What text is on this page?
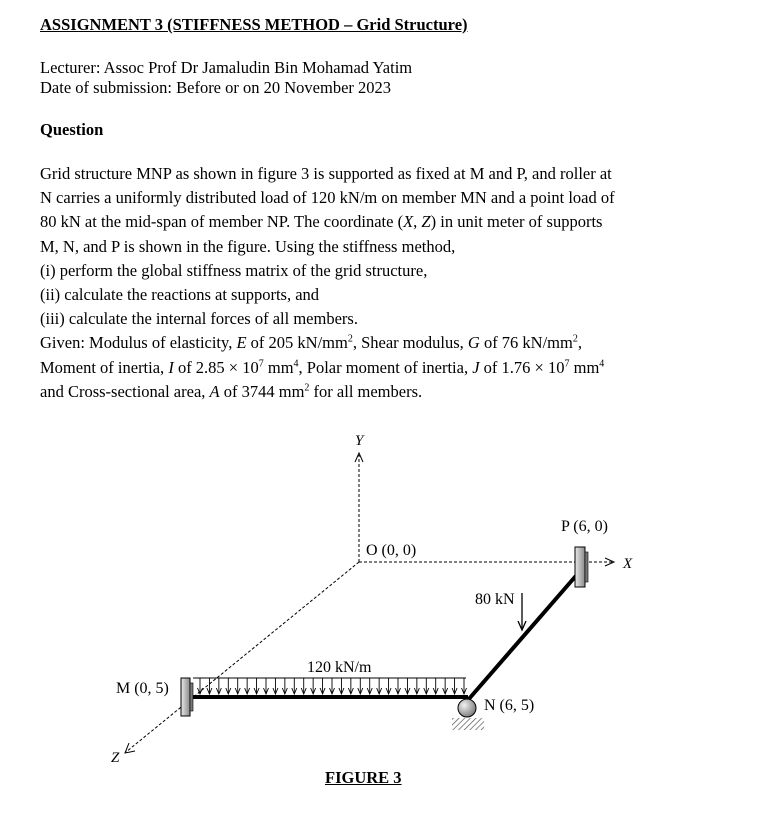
ASSIGNMENT 3 (STIFFNESS METHOD – Grid Structure)
Lecturer: Assoc Prof Dr Jamaludin Bin Mohamad Yatim
Date of submission: Before or on 20 November 2023
Question
Grid structure MNP as shown in figure 3 is supported as fixed at M and P, and roller at
N carries a uniformly distributed load of 120 kN/m on member MN and a point load of
80 kN at the mid-span of member NP. The coordinate (X, Z) in unit meter of supports
M, N, and P is shown in the figure. Using the stiffness method,
(i) perform the global stiffness matrix of the grid structure,
(ii) calculate the reactions at supports, and
(iii) calculate the internal forces of all members.
Given: Modulus of elasticity, E of 205 $kN/mm^2$, Shear modulus, G of 76 $kN/mm^2$,
Moment of inertia, I of $2.85 \times 10^7$ $mm^4$, Polar moment of inertia, J of $1.76 \times 10^7$ $mm^4$
and Cross-sectional area, A of 3744 $mm^2$ for all members.
Y
X
Z
O (0, 0)
120 kN/m
80 kN
M (0, 5)
P (6, 0)
N (6, 5)
FIGURE 3
